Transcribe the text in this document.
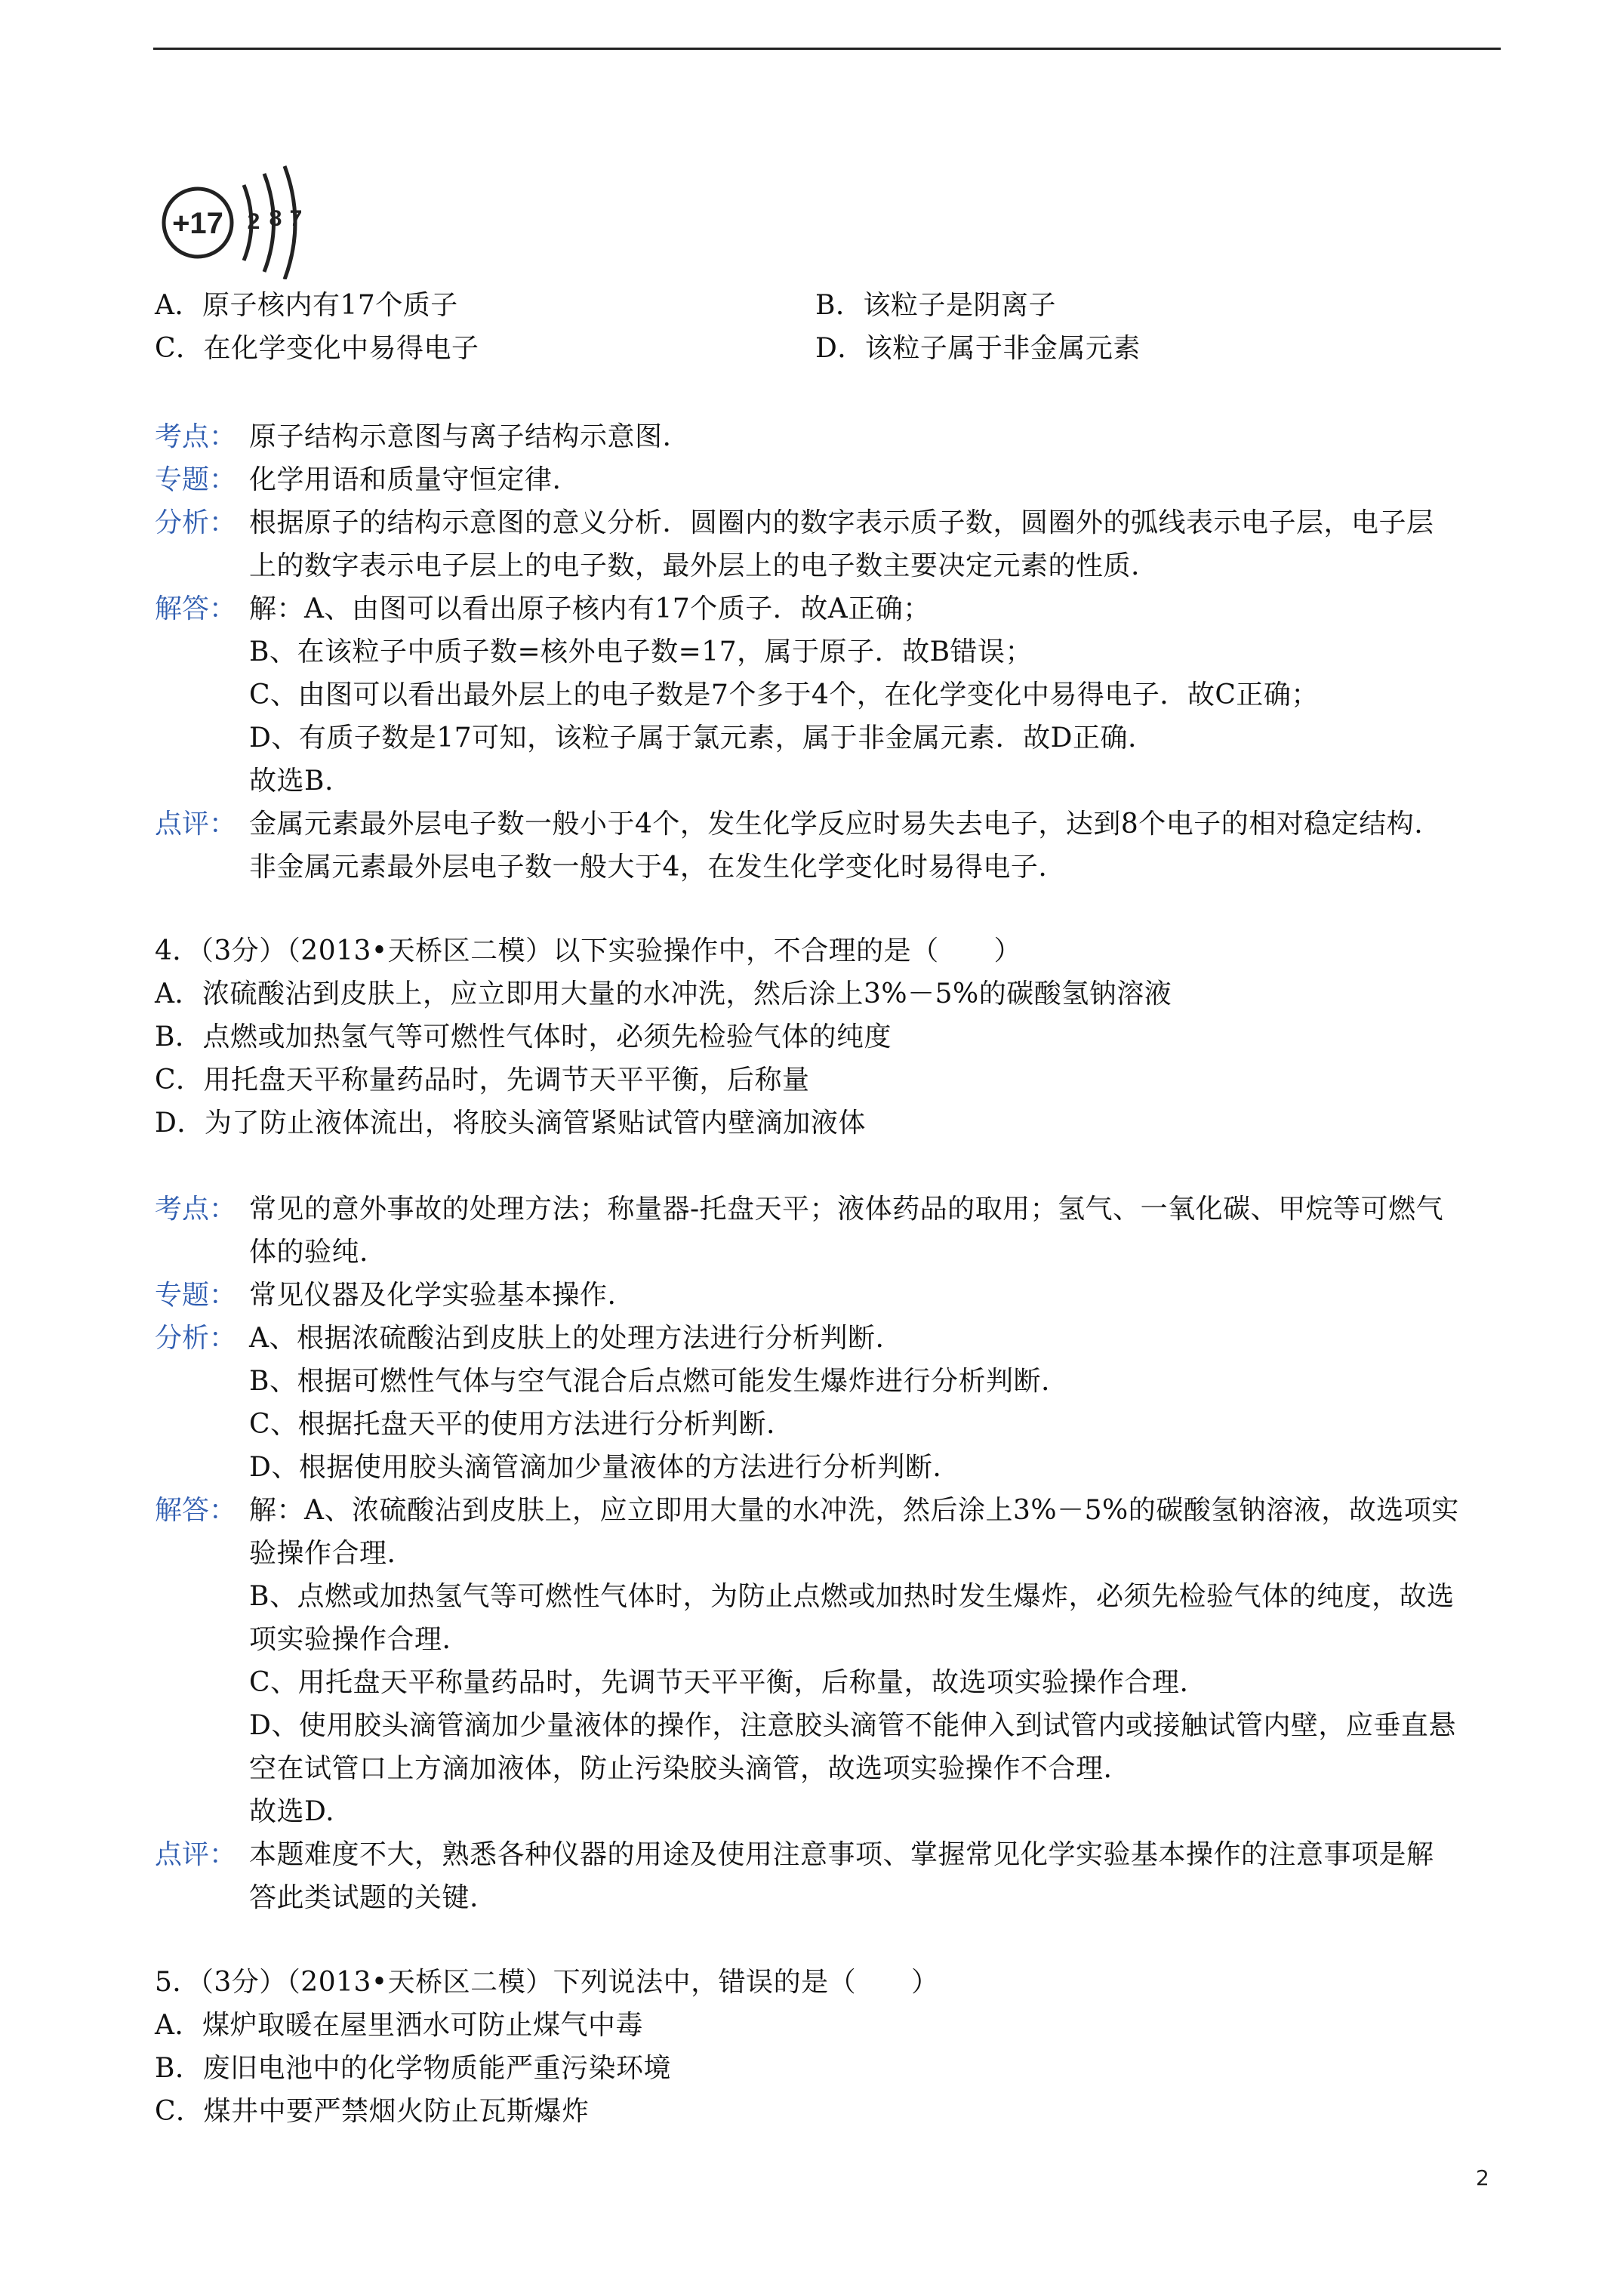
+17 2 8 7
A．原子核内有17个质子	B．该粒子是阴离子
C．在化学变化中易得电子	D．该粒子属于非金属元素
考点： 原子结构示意图与离子结构示意图.
专题： 化学用语和质量守恒定律.
分析： 根据原子的结构示意图的意义分析．圆圈内的数字表示质子数，圆圈外的弧线表示电子层，电子层
上的数字表示电子层上的电子数，最外层上的电子数主要决定元素的性质.
解答： 解：A、由图可以看出原子核内有17个质子．故A正确；
B、在该粒子中质子数=核外电子数=17，属于原子．故B错误；
C、由图可以看出最外层上的电子数是7个多于4个，在化学变化中易得电子．故C正确；
D、有质子数是17可知，该粒子属于氯元素，属于非金属元素．故D正确.
故选B.
点评： 金属元素最外层电子数一般小于4个，发生化学反应时易失去电子，达到8个电子的相对稳定结构.
非金属元素最外层电子数一般大于4，在发生化学变化时易得电子.
4．（3分）（2013•天桥区二模）以下实验操作中，不合理的是（　　）
A．浓硫酸沾到皮肤上，应立即用大量的水冲洗，然后涂上3%－5%的碳酸氢钠溶液
B．点燃或加热氢气等可燃性气体时，必须先检验气体的纯度
C．用托盘天平称量药品时，先调节天平平衡，后称量
D．为了防止液体流出，将胶头滴管紧贴试管内壁滴加液体
考点： 常见的意外事故的处理方法；称量器-托盘天平；液体药品的取用；氢气、一氧化碳、甲烷等可燃气
体的验纯.
专题： 常见仪器及化学实验基本操作.
分析： A、根据浓硫酸沾到皮肤上的处理方法进行分析判断.
B、根据可燃性气体与空气混合后点燃可能发生爆炸进行分析判断.
C、根据托盘天平的使用方法进行分析判断.
D、根据使用胶头滴管滴加少量液体的方法进行分析判断.
解答： 解：A、浓硫酸沾到皮肤上，应立即用大量的水冲洗，然后涂上3%－5%的碳酸氢钠溶液，故选项实
验操作合理.
B、点燃或加热氢气等可燃性气体时，为防止点燃或加热时发生爆炸，必须先检验气体的纯度，故选
项实验操作合理.
C、用托盘天平称量药品时，先调节天平平衡，后称量，故选项实验操作合理.
D、使用胶头滴管滴加少量液体的操作，注意胶头滴管不能伸入到试管内或接触试管内壁，应垂直悬
空在试管口上方滴加液体，防止污染胶头滴管，故选项实验操作不合理.
故选D.
点评： 本题难度不大，熟悉各种仪器的用途及使用注意事项、掌握常见化学实验基本操作的注意事项是解
答此类试题的关键.
5．（3分）（2013•天桥区二模）下列说法中，错误的是（　　）
A．煤炉取暖在屋里洒水可防止煤气中毒
B．废旧电池中的化学物质能严重污染环境
C．煤井中要严禁烟火防止瓦斯爆炸
2
